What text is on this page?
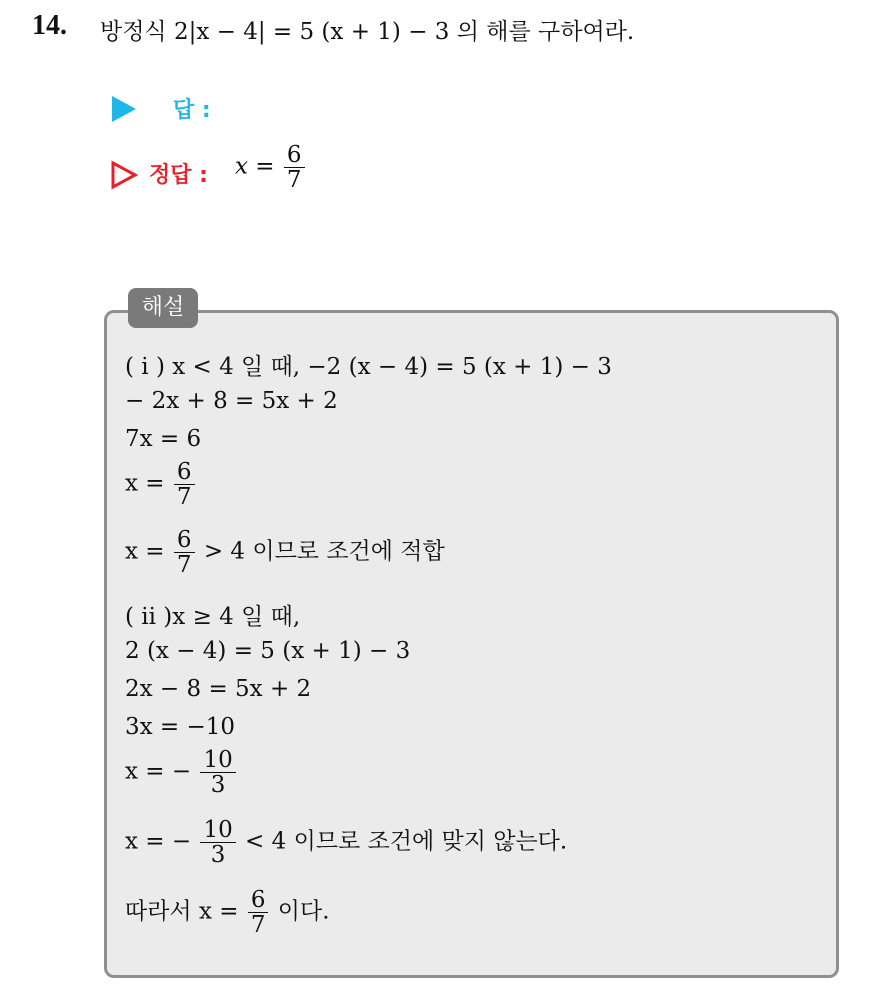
14. 방정식 2|x − 4| = 5 (x + 1) − 3 의 해를 구하여라.
답 :
정답 : $x = \frac{6}{7}$
해설
( i ) x < 4 일 때, −2 (x − 4) = 5 (x + 1) − 3
− 2x + 8 = 5x + 2
7x = 6
$x = \frac{6}{7}$
$x = \frac{6}{7} > 4$ 이므로 조건에 적합
( ii )x ≥ 4 일 때,
2 (x − 4) = 5 (x + 1) − 3
2x − 8 = 5x + 2
3x = −10
x = − $\frac{10}{3}$
x = − $\frac{10}{3} < 4$ 이므로 조건에 맞지 않는다.
따라서 $x = \frac{6}{7}$ 이다.
